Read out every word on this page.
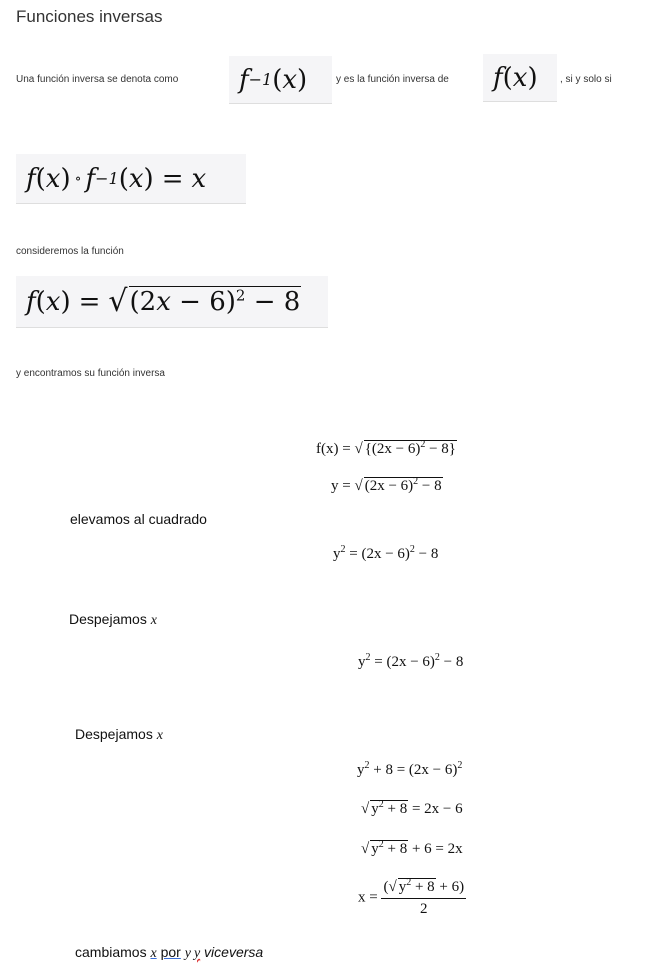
Funciones inversas
Una función inversa se denota como	f −1 ( x )	y es la función inversa de	f ( x ) , si y solo si
f ( x ) ∘ f −1 ( x ) = x
consideremos la función
f ( x ) = √ $(2x - 6)^2 - 8$
y encontramos su función inversa
f(x) = √ $\{(2x - 6)^2 - 8\}$
y = √ $(2x - 6)^2 - 8$
elevamos al cuadrado
$y^2 = (2x - 6)^2 - 8$
Despejamos x
$y^2 = (2x - 6)^2 - 8$
Despejamos x
$y^2 + 8 = (2x - 6)^2$
√ $y^2 + 8 = 2x - 6$
√ $y^2 + 8 + 6 = 2x$
$x = \frac{(√ y^2 + 8 + 6)}{2}$
cambiamos x por y y viceversa
